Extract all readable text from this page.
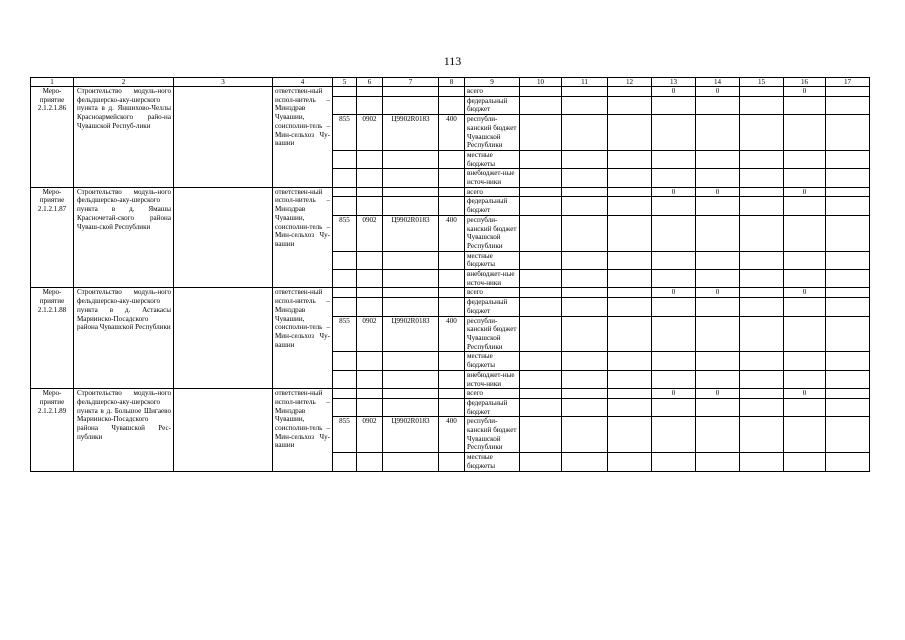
113
1	2	3	4	5	6	7	8	9	10	11	12	13	14	15	16	17
Меро-
приятие
2.1.2.1.86	Строительство модуль-ного фельдшерско-аку-шерского пункта в д. Яншихово-Челлы Красноармейского райо-на Чувашской Респуб-лики		ответствен-ный испол-нитель – Минздрав Чувашии, соисполни-тель – Мин-сельхоз Чу-вашии					всего				0	0		0	
								федеральный бюджет								
				855	0902	Ц9902R0183	400	республи-канский бюджет Чувашской Республики								
								местные бюджеты								
								внебюджет-ные источ-ники								
Меро-
приятие
2.1.2.1.87	Строительство модуль-ного фельдшерско-аку-шерского пункта в д. Ямашы Красночетай-ского района Чуваш-ской Республики		ответствен-ный испол-нитель – Минздрав Чувашии, соисполни-тель – Мин-сельхоз Чу-вашии					всего				0	0		0	
								федеральный бюджет								
				855	0902	Ц9902R0183	400	республи-канский бюджет Чувашской Республики								
								местные бюджеты								
								внебюджет-ные источ-ники								
Меро-
приятие
2.1.2.1.88	Строительство модуль-ного фельдшерско-аку-шерского пункта в д. Астакасы Мариинско-Посадского района Чувашской Республики		ответствен-ный испол-нитель – Минздрав Чувашии, соисполни-тель – Мин-сельхоз Чу-вашии					всего				0	0		0	
								федеральный бюджет								
				855	0902	Ц9902R0183	400	республи-канский бюджет Чувашской Республики								
								местные бюджеты								
								внебюджет-ные источ-ники								
Меро-
приятие
2.1.2.1.89	Строительство модуль-ного фельдшерско-аку-шерского пункта в д. Большое Шигаево Мариинско-Посадского района Чувашской Рес-публики		ответствен-ный испол-нитель – Минздрав Чувашии, соисполни-тель – Мин-сельхоз Чу-вашии					всего				0	0		0	
								федеральный бюджет								
				855	0902	Ц9902R0183	400	республи-канский бюджет Чувашской Республики								
								местные бюджеты								
